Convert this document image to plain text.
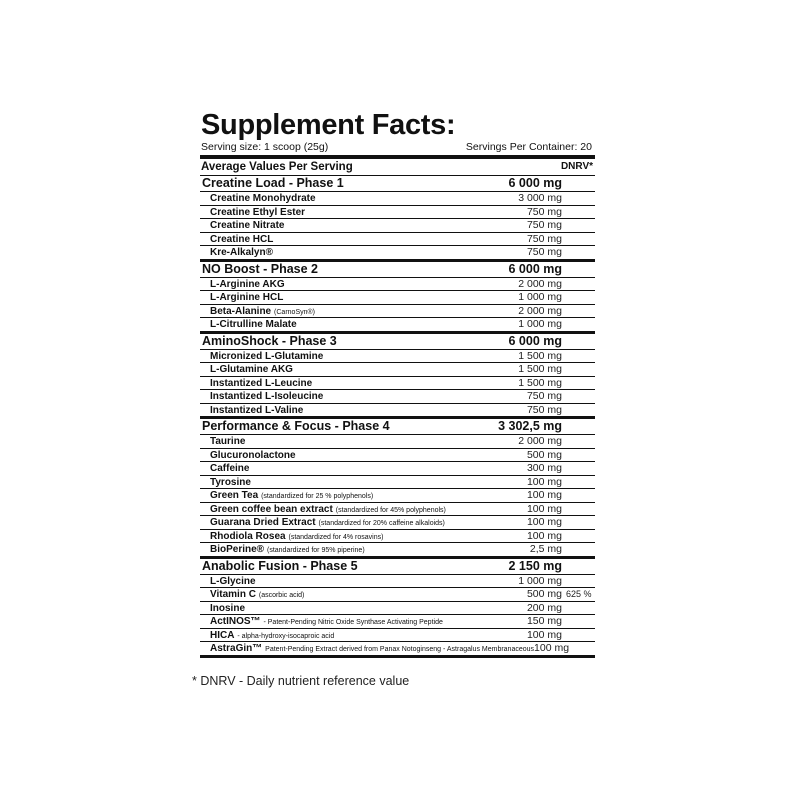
Supplement Facts:
Serving size: 1 scoop (25g)	Servings Per Container: 20
Average Values Per Serving	DNRV*
Creatine Load - Phase 1	6 000 mg
Creatine Monohydrate	3 000 mg
Creatine Ethyl Ester	750 mg
Creatine Nitrate	750 mg
Creatine HCL	750 mg
Kre-Alkalyn®	750 mg
NO Boost - Phase 2	6 000 mg
L-Arginine AKG	2 000 mg
L-Arginine HCL	1 000 mg
Beta-Alanine (CarnoSyn®)	2 000 mg
L-Citrulline Malate	1 000 mg
AminoShock - Phase 3	6 000 mg
Micronized L-Glutamine	1 500 mg
L-Glutamine AKG	1 500 mg
Instantized L-Leucine	1 500 mg
Instantized L-Isoleucine	750 mg
Instantized L-Valine	750 mg
Performance & Focus - Phase 4	3 302,5 mg
Taurine	2 000 mg
Glucuronolactone	500 mg
Caffeine	300 mg
Tyrosine	100 mg
Green Tea (standardized for 25 % polyphenols)	100 mg
Green coffee bean extract (standardized for 45% polyphenols)	100 mg
Guarana Dried Extract (standardized for 20% caffeine alkaloids)	100 mg
Rhodiola Rosea (standardized for 4% rosavins)	100 mg
BioPerine® (standardized for 95% piperine)	2,5 mg
Anabolic Fusion - Phase 5	2 150 mg
L-Glycine	1 000 mg
Vitamin C (ascorbic acid)	500 mg 625 %
Inosine	200 mg
ActINOS™ - Patent-Pending Nitric Oxide Synthase Activating Peptide	150 mg
HICA - alpha-hydroxy-isocaproic acid	100 mg
AstraGin™ Patent-Pending Extract derived from Panax Notoginseng - Astragalus Membranaceous 100 mg
* DNRV - Daily nutrient reference value
